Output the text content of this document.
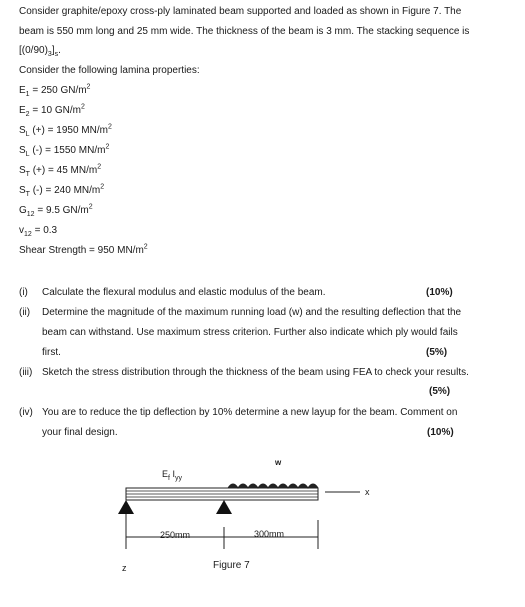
Consider graphite/epoxy cross-ply laminated beam supported and loaded as shown in Figure 7. The
beam is 550 mm long and 25 mm wide. The thickness of the beam is 3 mm. The stacking sequence is
$[(0/90)_3]_s$.
Consider the following lamina properties:
$E_1 = 250$ $GN/m^2$
$E_2 = 10$ $GN/m^2$
$S_L$ (+) = 1950 $MN/m^2$
$S_L$ (-) = 1550 $MN/m^2$
$S_T$ (+) = 45 $MN/m^2$
$S_T$ (-) = 240 $MN/m^2$
$G_{12} = 9.5$ $GN/m^2$
$v_{12} = 0.3$
Shear Strength = 950 $MN/m^2$
(i) Calculate the flexural modulus and elastic modulus of the beam.	(10%)
(ii) Determine the magnitude of the maximum running load (w) and the resulting deflection that the
beam can withstand. Use maximum stress criterion. Further also indicate which ply would fails
first.	(5%)
(iii) Sketch the stress distribution through the thickness of the beam using FEA to check your results.
(5%)
(iv) You are to reduce the tip deflection by 10% determine a new layup for the beam. Comment on
your final design.	(10%)
$E_f$ $I_{yy}$
w
x
250mm	300mm
z	Figure 7
